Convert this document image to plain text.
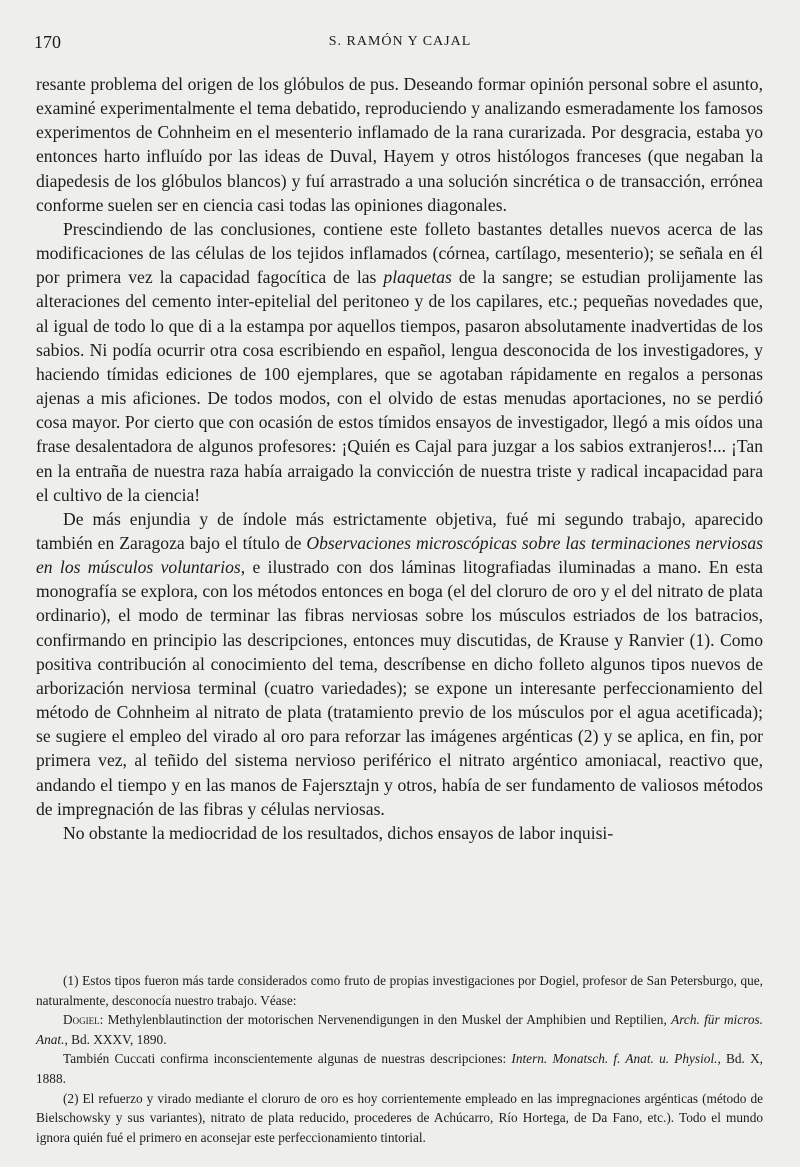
170	S. RAMÓN Y CAJAL

resante problema del origen de los glóbulos de pus. Deseando formar opinión personal sobre el asunto, examiné experimentalmente el tema debatido, reproduciendo y analizando esmeradamente los famosos experimentos de Cohnheim en el mesenterio inflamado de la rana curarizada. Por desgracia, estaba yo entonces harto influído por las ideas de Duval, Hayem y otros histólogos franceses (que negaban la diapedesis de los glóbulos blancos) y fuí arrastrado a una solución sincrética o de transacción, errónea conforme suelen ser en ciencia casi todas las opiniones diagonales.

Prescindiendo de las conclusiones, contiene este folleto bastantes detalles nuevos acerca de las modificaciones de las células de los tejidos inflamados (córnea, cartílago, mesenterio); se señala en él por primera vez la capacidad fagocítica de las plaquetas de la sangre; se estudian prolijamente las alteraciones del cemento inter-epitelial del peritoneo y de los capilares, etc.; pequeñas novedades que, al igual de todo lo que di a la estampa por aquellos tiempos, pasaron absolutamente inadvertidas de los sabios. Ni podía ocurrir otra cosa escribiendo en español, lengua desconocida de los investigadores, y haciendo tímidas ediciones de 100 ejemplares, que se agotaban rápidamente en regalos a personas ajenas a mis aficiones. De todos modos, con el olvido de estas menudas aportaciones, no se perdió cosa mayor. Por cierto que con ocasión de estos tímidos ensayos de investigador, llegó a mis oídos una frase desalentadora de algunos profesores: ¡Quién es Cajal para juzgar a los sabios extranjeros!... ¡Tan en la entraña de nuestra raza había arraigado la convicción de nuestra triste y radical incapacidad para el cultivo de la ciencia!

De más enjundia y de índole más estrictamente objetiva, fué mi segundo trabajo, aparecido también en Zaragoza bajo el título de Observaciones microscópicas sobre las terminaciones nerviosas en los músculos voluntarios, e ilustrado con dos láminas litografiadas iluminadas a mano. En esta monografía se explora, con los métodos entonces en boga (el del cloruro de oro y el del nitrato de plata ordinario), el modo de terminar las fibras nerviosas sobre los músculos estriados de los batracios, confirmando en principio las descripciones, entonces muy discutidas, de Krause y Ranvier (1). Como positiva contribución al conocimiento del tema, descríbense en dicho folleto algunos tipos nuevos de arborización nerviosa terminal (cuatro variedades); se expone un interesante perfeccionamiento del método de Cohnheim al nitrato de plata (tratamiento previo de los músculos por el agua acetificada); se sugiere el empleo del virado al oro para reforzar las imágenes argénticas (2) y se aplica, en fin, por primera vez, al teñido del sistema nervioso periférico el nitrato argéntico amoniacal, reactivo que, andando el tiempo y en las manos de Fajersztajn y otros, había de ser fundamento de valiosos métodos de impregnación de las fibras y células nerviosas.

No obstante la mediocridad de los resultados, dichos ensayos de labor inquisi-

(1) Estos tipos fueron más tarde considerados como fruto de propias investigaciones por Dogiel, profesor de San Petersburgo, que, naturalmente, desconocía nuestro trabajo. Véase:

Dogiel: Methylenblautinction der motorischen Nervenendigungen in den Muskel der Amphibien und Reptilien, Arch. für micros. Anat., Bd. XXXV, 1890.

También Cuccati confirma inconscientemente algunas de nuestras descripciones: Intern. Monatsch. f. Anat. u. Physiol., Bd. X, 1888.

(2) El refuerzo y virado mediante el cloruro de oro es hoy corrientemente empleado en las impregnaciones argénticas (método de Bielschowsky y sus variantes), nitrato de plata reducido, procederes de Achúcarro, Río Hortega, de Da Fano, etc.). Todo el mundo ignora quién fué el primero en aconsejar este perfeccionamiento tintorial.
